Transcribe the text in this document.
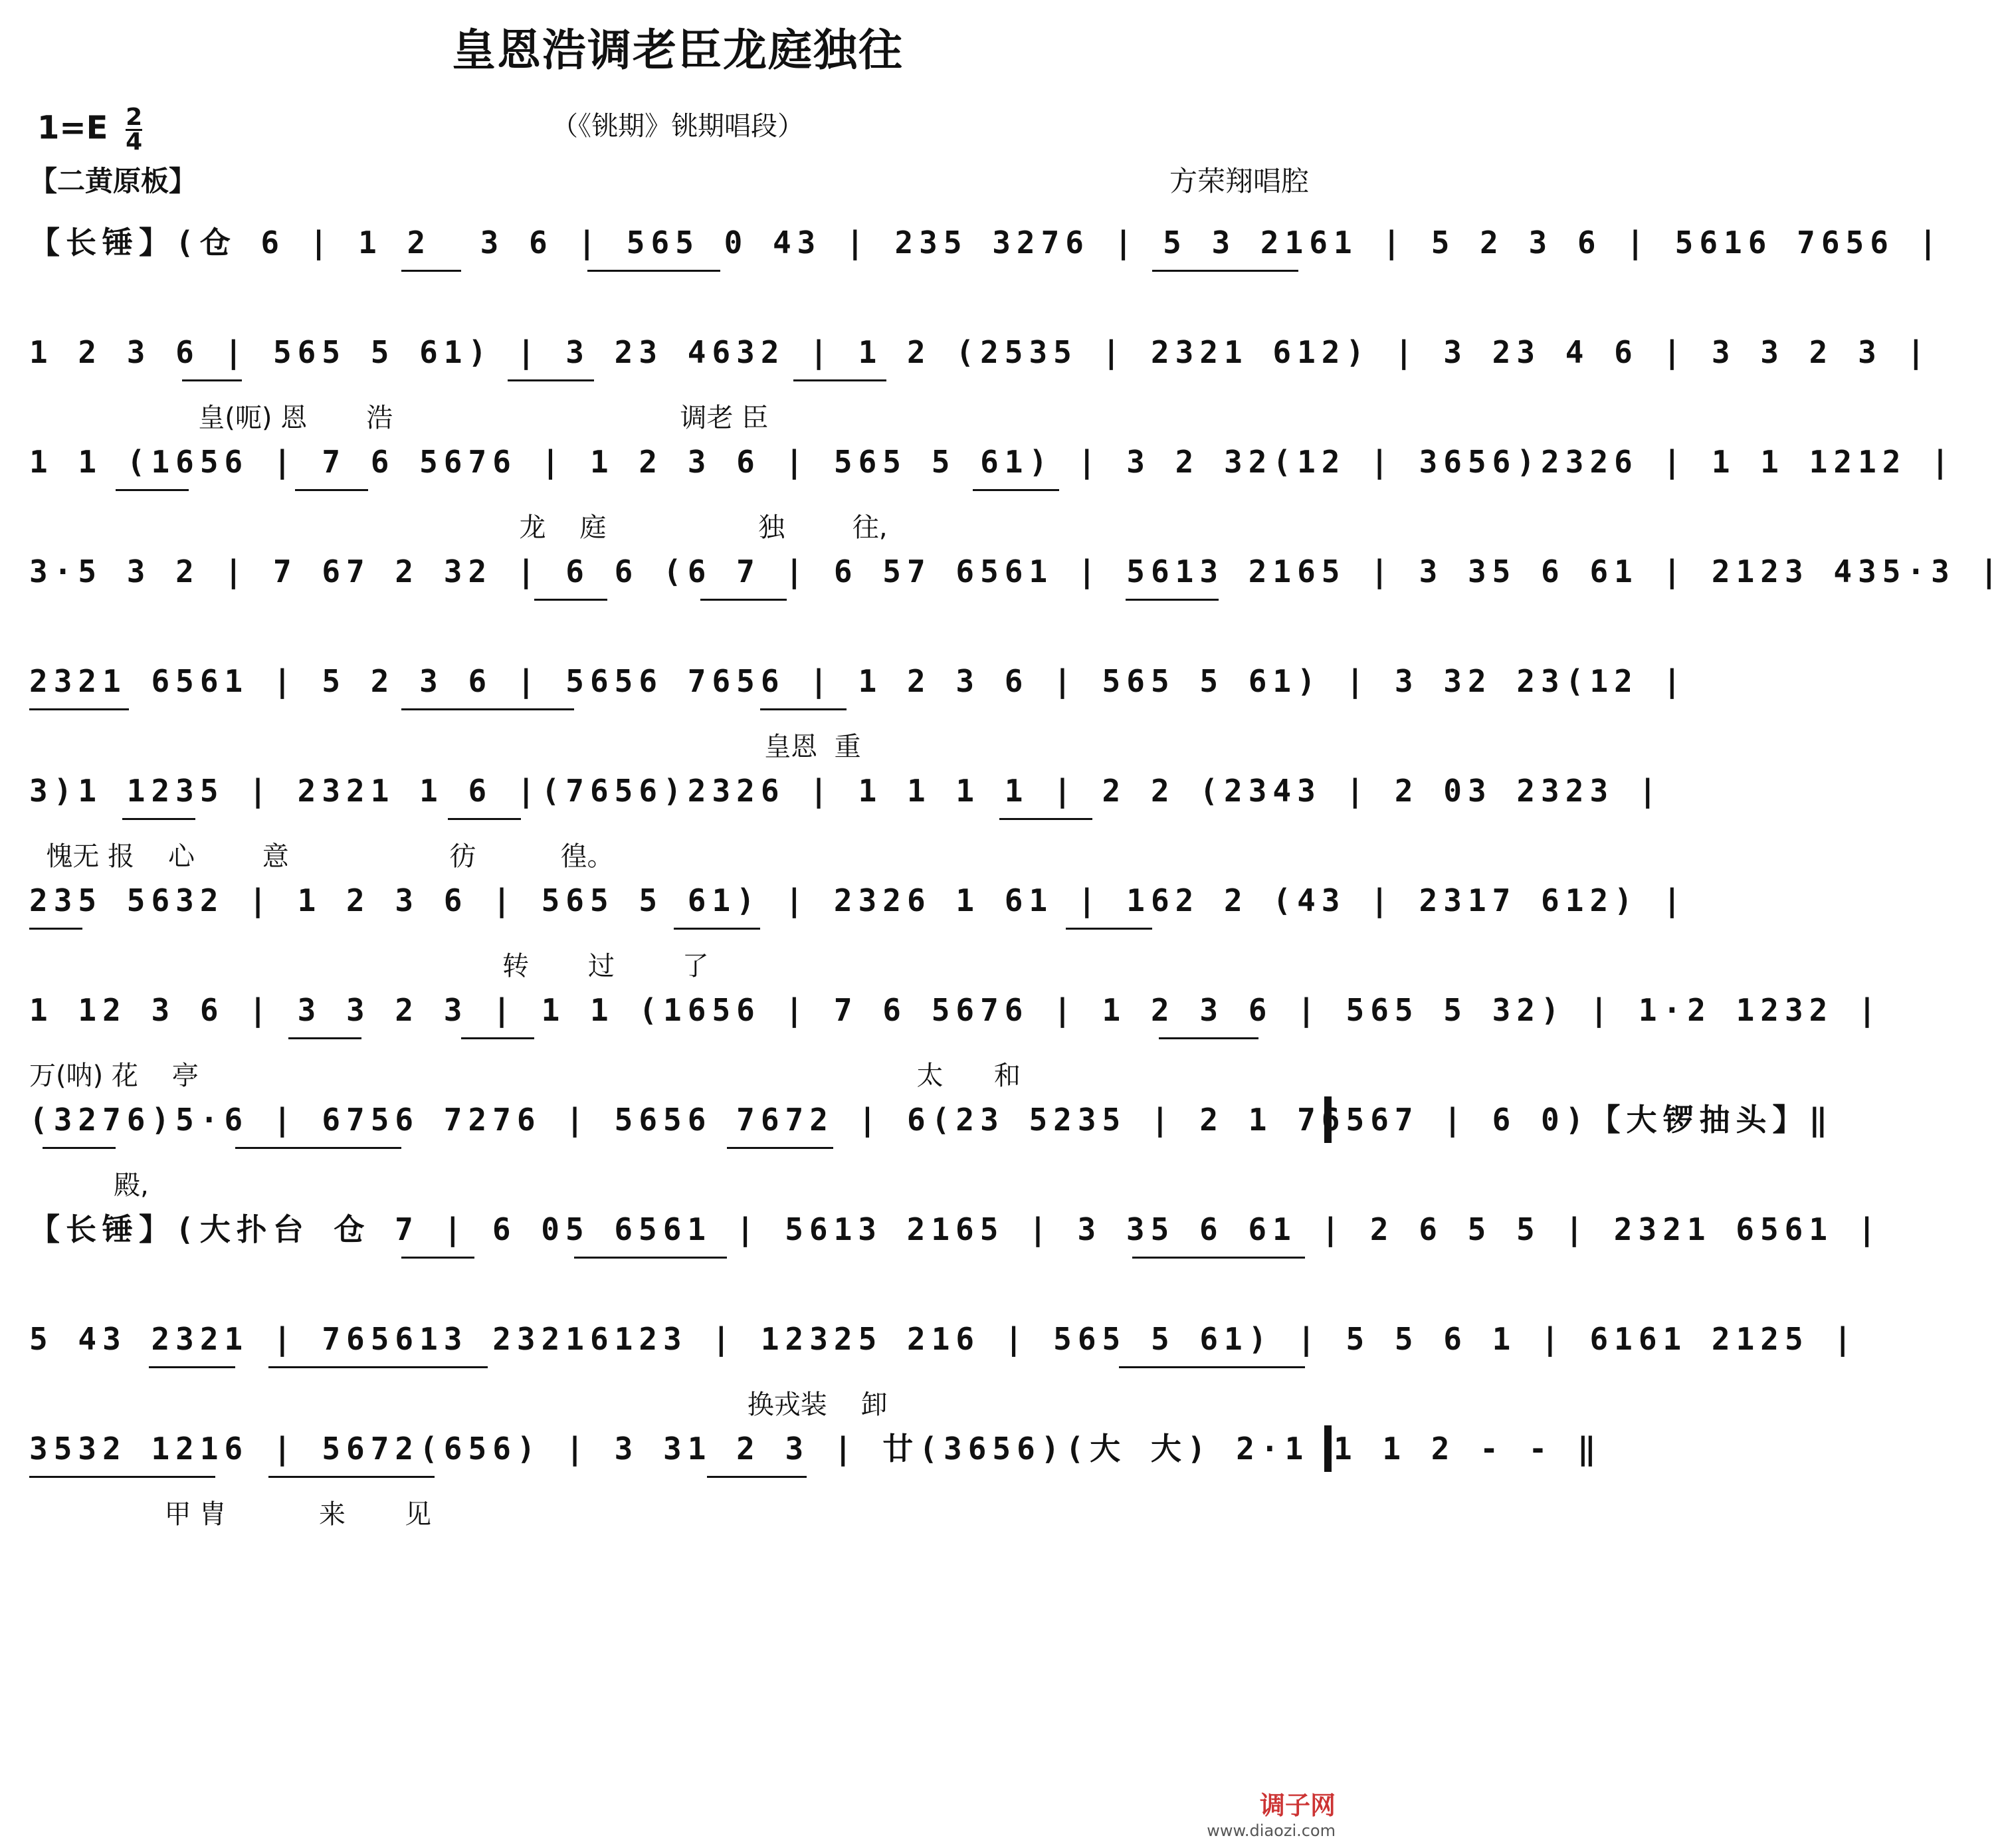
皇恩浩调老臣龙庭独往
$1=E \frac{2}{4}$	（《铫期》铫期唱段）
【二黄原板】	方荣翔唱腔
【长锤】(仓 6 | 1 2  3 6 | 565 0 43 | 235 3276 | 5 3 2161 | 5 2 3 6 | 5616 7656 |
1 2 3 6 | 565 5 61) | 3 23 4632 | 1 2 (2535 | 2321 612) | 3 23 4 6 | 3 3 2 3 |
皇(呃) 恩       浩                                  调老 臣
1 1 (1656 | 7 6 5676 | 1 2 3 6 | 565 5 61) | 3 2 32(12 | 3656)2326 | 1 1 1212 |
龙    庭                  独        往,
3·5 3 2 | 7 67 2 32 | 6 6 (6 7 | 6 57 6561 | 5613 2165 | 3 35 6 61 | 2123 435·3 |
2321 6561 | 5 2 3 6 | 5656 7656 | 1 2 3 6 | 565 5 61) | 3 32 23(12 |
皇恩  重
3)1 1235 | 2321 1 6 |(7656)2326 | 1 1 1 1 | 2 2 (2343 | 2 03 2323 |
愧无 报    心        意                   彷          徨。
235 5632 | 1 2 3 6 | 565 5 61) | 2326 1 61 | 162 2 (43 | 2317 612) |
转       过        了
1 12 3 6 | 3 3 2 3 | 1 1 (1656 | 7 6 5676 | 1 2 3 6 | 565 5 32) | 1·2 1232 |
万(呐) 花    亭                                                                                     太      和
(3276)5·6 | 6756 7276 | 5656 7672 | 6(23 5235 | 2 1 76567 | 6 0)【大锣抽头】‖
殿,
【长锤】(大扑台 仓 7 | 6 05 6561 | 5613 2165 | 3 35 6 61 | 2 6 5 5 | 2321 6561 |
5 43 2321 | 765613 23216123 | 12325 216 | 565 5 61) | 5 5 6 1 | 6161 2125 |
换戎装    卸
3532 1216 | 5672(656) | 3 31 2 3 | 廿(3656)(大 大) 2·1 1 1 2 - - ‖
甲 胄           来       见
调子网
www.diaozi.com
